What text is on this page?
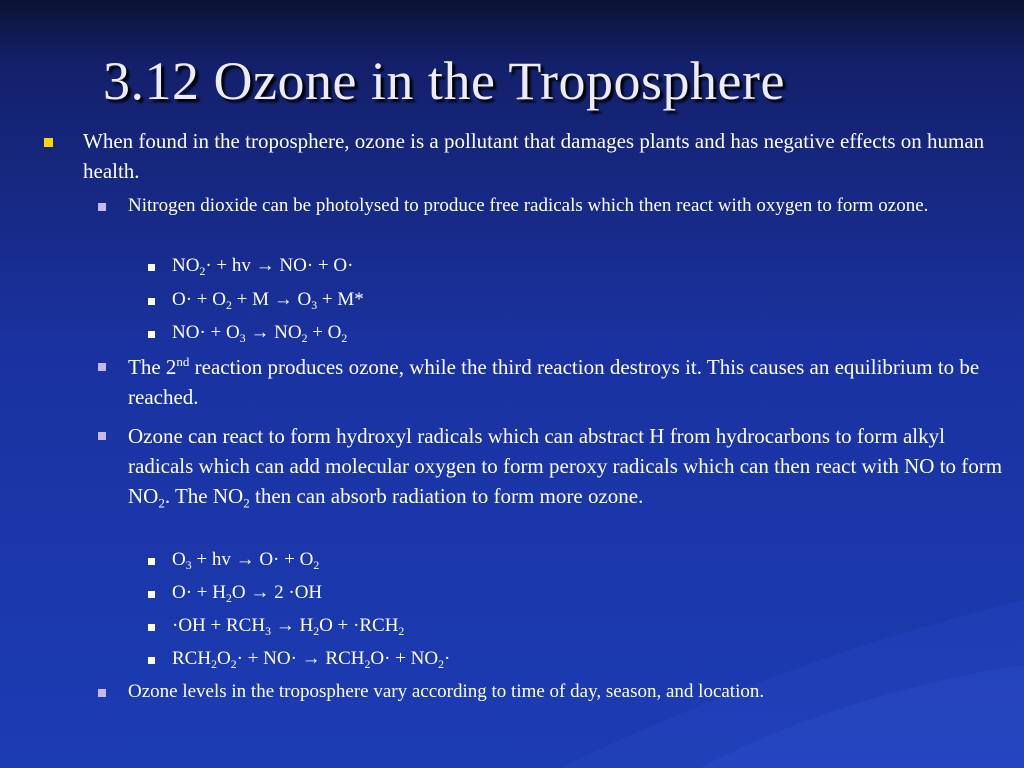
3.12 Ozone in the Troposphere
When found in the troposphere, ozone is a pollutant that damages plants and has negative effects on human health.
Nitrogen dioxide can be photolysed to produce free radicals which then react with oxygen to form ozone.
$NO_2\cdot$ + hv → NO· + O·
$O\cdot + O_2 + M \to O_3 + M*$
$NO\cdot + O_3 \to NO_2 + O_2$
The 2nd reaction produces ozone, while the third reaction destroys it. This causes an equilibrium to be reached.
Ozone can react to form hydroxyl radicals which can abstract H from hydrocarbons to form alkyl radicals which can add molecular oxygen to form peroxy radicals which can then react with NO to form $NO_2$. The $NO_2$ then can absorb radiation to form more ozone.
$O_3$ + hv → $O\cdot + O_2$
$O\cdot + H_2O \to 2 \cdot OH$
$\cdot OH + RCH_3 \to H_2O + \cdot RCH_2$
$RCH_2O_2\cdot + NO\cdot \to RCH_2O\cdot + NO_2\cdot$
Ozone levels in the troposphere vary according to time of day, season, and location.
